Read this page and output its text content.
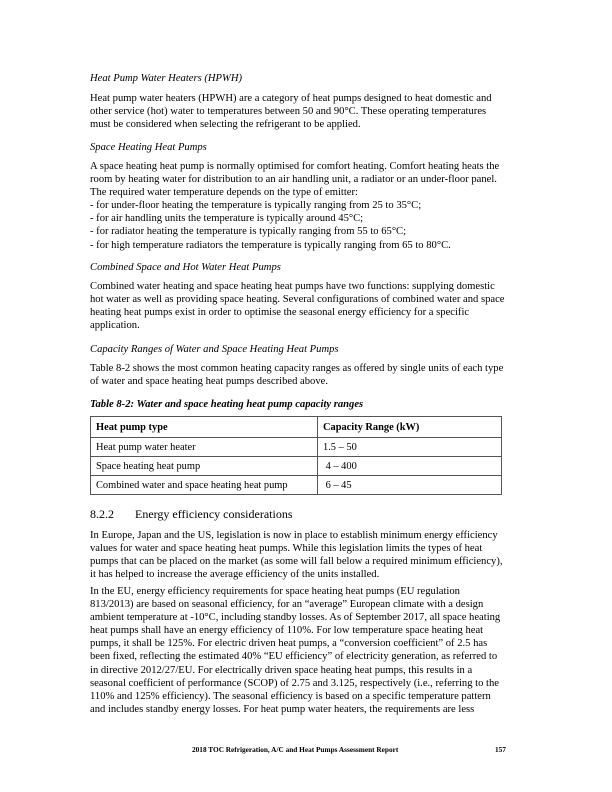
Heat Pump Water Heaters (HPWH)
Heat pump water heaters (HPWH) are a category of heat pumps designed to heat domestic and
other service (hot) water to temperatures between 50 and 90°C. These operating temperatures
must be considered when selecting the refrigerant to be applied.
Space Heating Heat Pumps
A space heating heat pump is normally optimised for comfort heating. Comfort heating heats the
room by heating water for distribution to an air handling unit, a radiator or an under-floor panel.
The required water temperature depends on the type of emitter:
- for under-floor heating the temperature is typically ranging from 25 to 35°C;
- for air handling units the temperature is typically around 45°C;
- for radiator heating the temperature is typically ranging from 55 to 65°C;
- for high temperature radiators the temperature is typically ranging from 65 to 80°C.
Combined Space and Hot Water Heat Pumps
Combined water heating and space heating heat pumps have two functions: supplying domestic
hot water as well as providing space heating. Several configurations of combined water and space
heating heat pumps exist in order to optimise the seasonal energy efficiency for a specific
application.
Capacity Ranges of Water and Space Heating Heat Pumps
Table 8-2 shows the most common heating capacity ranges as offered by single units of each type
of water and space heating heat pumps described above.
Table 8-2: Water and space heating heat pump capacity ranges
Heat pump type	Capacity Range (kW)
Heat pump water heater	1.5 – 50
Space heating heat pump	4 – 400
Combined water and space heating heat pump	6 – 45
8.2.2 Energy efficiency considerations
In Europe, Japan and the US, legislation is now in place to establish minimum energy efficiency
values for water and space heating heat pumps. While this legislation limits the types of heat
pumps that can be placed on the market (as some will fall below a required minimum efficiency),
it has helped to increase the average efficiency of the units installed.
In the EU, energy efficiency requirements for space heating heat pumps (EU regulation
813/2013) are based on seasonal efficiency, for an “average” European climate with a design
ambient temperature at -10°C, including standby losses. As of September 2017, all space heating
heat pumps shall have an energy efficiency of 110%. For low temperature space heating heat
pumps, it shall be 125%. For electric driven heat pumps, a “conversion coefficient” of 2.5 has
been fixed, reflecting the estimated 40% “EU efficiency” of electricity generation, as referred to
in directive 2012/27/EU. For electrically driven space heating heat pumps, this results in a
seasonal coefficient of performance (SCOP) of 2.75 and 3.125, respectively (i.e., referring to the
110% and 125% efficiency). The seasonal efficiency is based on a specific temperature pattern
and includes standby energy losses. For heat pump water heaters, the requirements are less
2018 TOC Refrigeration, A/C and Heat Pumps Assessment Report	157
